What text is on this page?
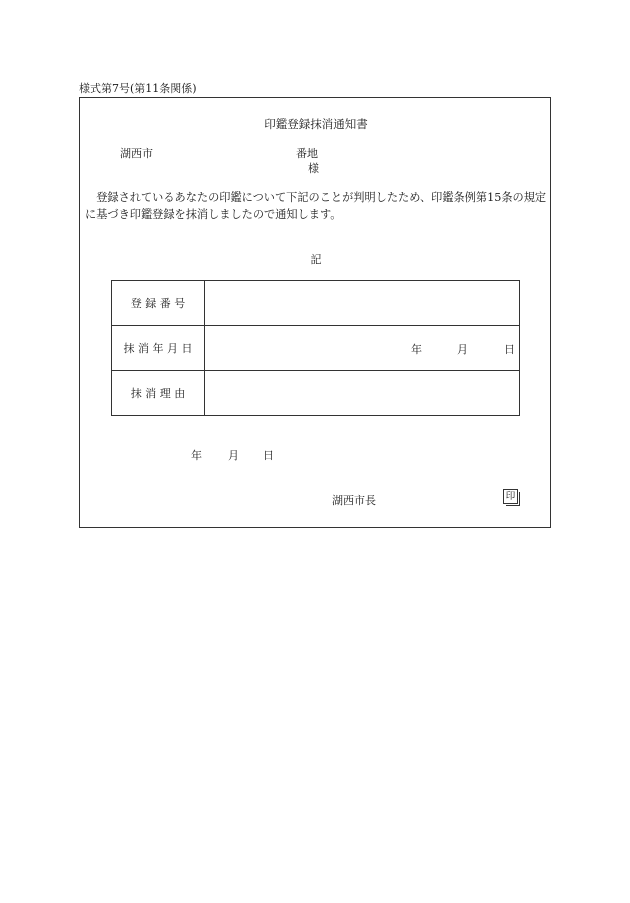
様式第7号(第11条関係)
印鑑登録抹消通知書
湖西市	番地
様
　登録されているあなたの印鑑について下記のことが判明したため、印鑑条例第15条の規定に基づき印鑑登録を抹消しましたので通知します。
記
登 録 番 号	
抹 消 年 月 日	年 月 日

抹 消 理 由	
年 月 日
湖西市長	印
